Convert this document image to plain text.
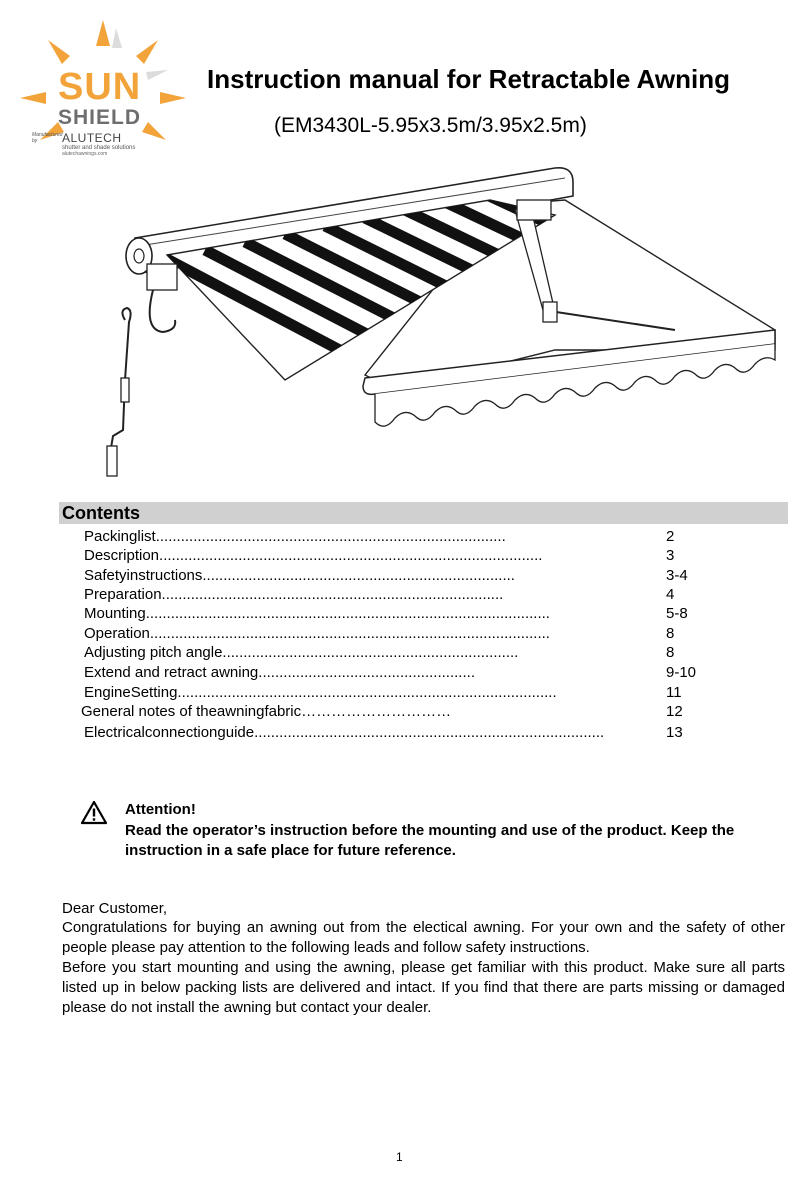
SUN
SHIELD
Manufactured by	ALUTECH
shutter and shade solutions
alutechawnings.com
Instruction manual for Retractable Awning
(EM3430L-5.95x3.5m/3.95x2.5m)
Contents
Packinglist....................................................................................	2
Description............................................................................................	3
Safetyinstructions...........................................................................	3-4
Preparation..................................................................................	4
Mounting.................................................................................................	5-8
Operation................................................................................................	8
Adjusting pitch angle.......................................................................	8
Extend and retract awning....................................................	9-10
EngineSetting...........................................................................................	11
General notes of theawningfabric…………………………	12
Electricalconnectionguide....................................................................................	13
Attention!
Read the operator’s instruction before the mounting and use of the product. Keep the instruction in a safe place for future reference.
Dear Customer,
Congratulations for buying an awning out from the electical awning. For your own and the safety of other people please pay attention to the following leads and follow safety instructions.
Before you start mounting and using the awning, please get familiar with this product. Make sure all parts listed up in below packing lists are delivered and intact. If you find that there are parts missing or damaged please do not install the awning but contact your dealer.
1
